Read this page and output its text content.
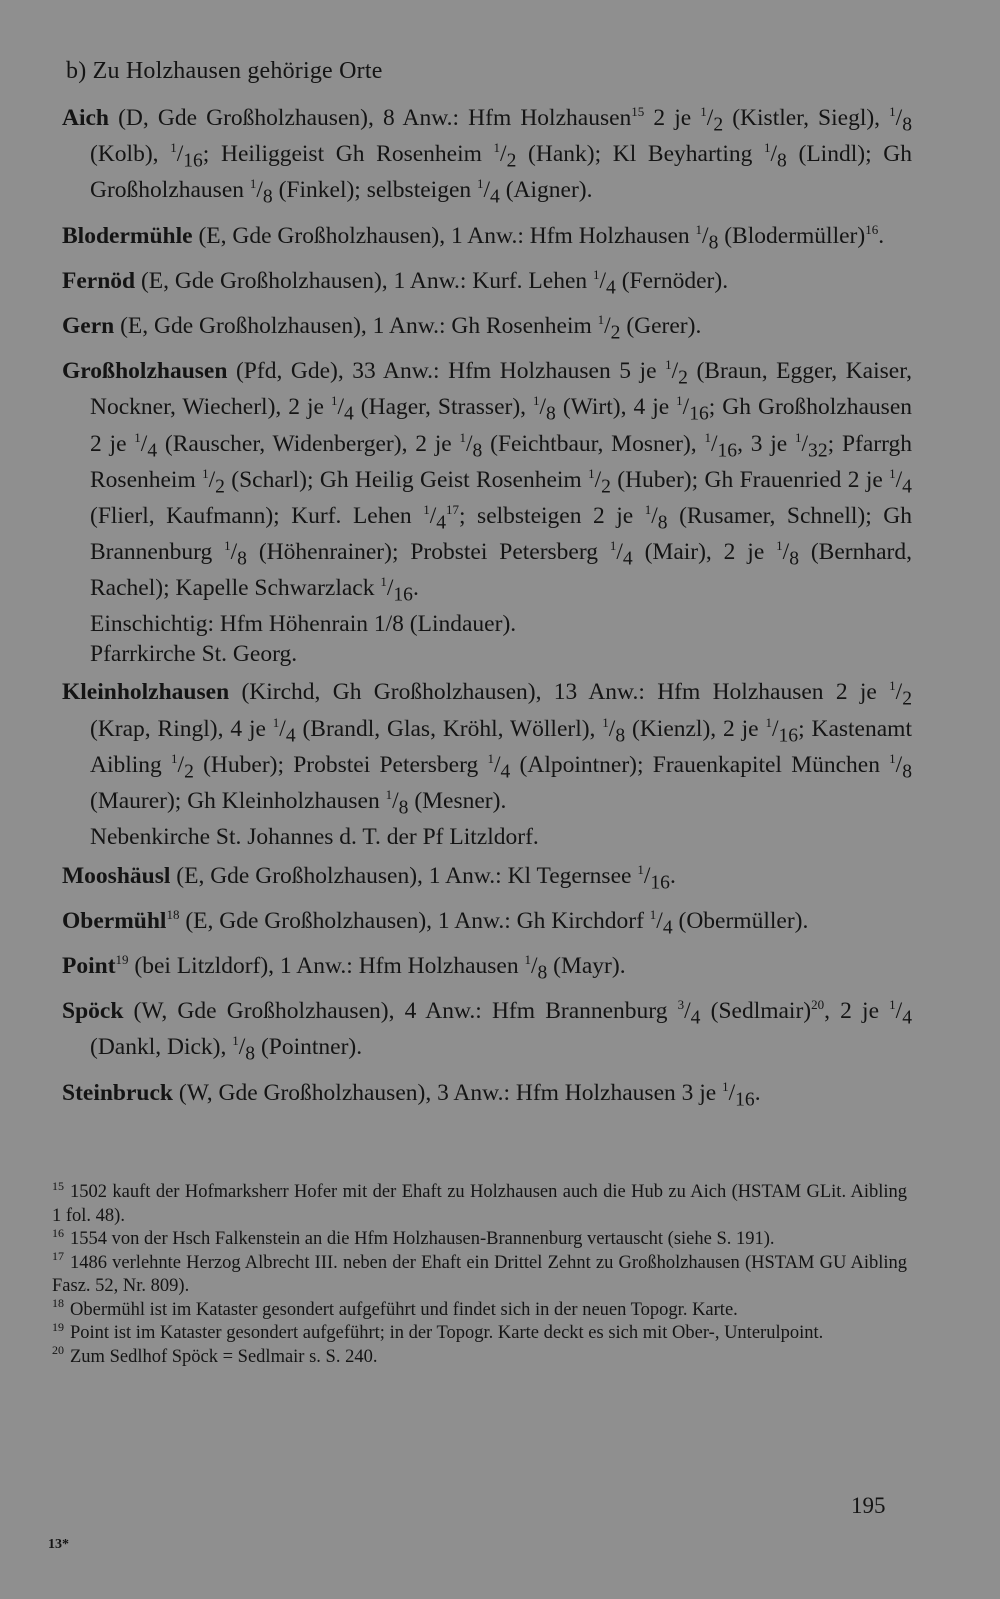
b) Zu Holzhausen gehörige Orte

Aich (D, Gde Großholzhausen), 8 Anw.: Hfm Holzhausen$^{15}$ 2 je $^1/_2$ (Kistler, Siegl), $^1/_8$ (Kolb), $^1/_{16}$; Heiliggeist Gh Rosenheim $^1/_2$ (Hank); Kl Beyharting $^1/_8$ (Lindl); Gh Großholzhausen $^1/_8$ (Finkel); selbsteigen $^1/_4$ (Aigner).

Blodermühle (E, Gde Großholzhausen), 1 Anw.: Hfm Holzhausen $^1/_8$ (Blodermüller)$^{16}$.

Fernöd (E, Gde Großholzhausen), 1 Anw.: Kurf. Lehen $^1/_4$ (Fernöder).

Gern (E, Gde Großholzhausen), 1 Anw.: Gh Rosenheim $^1/_2$ (Gerer).

Großholzhausen (Pfd, Gde), 33 Anw.: Hfm Holzhausen 5 je $^1/_2$ (Braun, Egger, Kaiser, Nockner, Wiecherl), 2 je $^1/_4$ (Hager, Strasser), $^1/_8$ (Wirt), 4 je $^1/_{16}$; Gh Großholzhausen 2 je $^1/_4$ (Rauscher, Widenberger), 2 je $^1/_8$ (Feichtbaur, Mosner), $^1/_{16}$, 3 je $^1/_{32}$; Pfarrgh Rosenheim $^1/_2$ (Scharl); Gh Heilig Geist Rosenheim $^1/_2$ (Huber); Gh Frauenried 2 je $^1/_4$ (Flierl, Kaufmann); Kurf. Lehen $^1/_4^{17}$; selbsteigen 2 je $^1/_8$ (Rusamer, Schnell); Gh Brannenburg $^1/_8$ (Höhenrainer); Probstei Petersberg $^1/_4$ (Mair), 2 je $^1/_8$ (Bernhard, Rachel); Kapelle Schwarzlack $^1/_{16}$.
Einschichtig: Hfm Höhenrain 1/8 (Lindauer).
Pfarrkirche St. Georg.

Kleinholzhausen (Kirchd, Gh Großholzhausen), 13 Anw.: Hfm Holzhausen 2 je $^1/_2$ (Krap, Ringl), 4 je $^1/_4$ (Brandl, Glas, Kröhl, Wöllerl), $^1/_8$ (Kienzl), 2 je $^1/_{16}$; Kastenamt Aibling $^1/_2$ (Huber); Probstei Petersberg $^1/_4$ (Alpointner); Frauenkapitel München $^1/_8$ (Maurer); Gh Kleinholzhausen $^1/_8$ (Mesner).
Nebenkirche St. Johannes d. T. der Pf Litzldorf.

Mooshäusl (E, Gde Großholzhausen), 1 Anw.: Kl Tegernsee $^1/_{16}$.

Obermühl$^{18}$ (E, Gde Großholzhausen), 1 Anw.: Gh Kirchdorf $^1/_4$ (Obermüller).

Point$^{19}$ (bei Litzldorf), 1 Anw.: Hfm Holzhausen $^1/_8$ (Mayr).

Spöck (W, Gde Großholzhausen), 4 Anw.: Hfm Brannenburg $^3/_4$ (Sedlmair)$^{20}$, 2 je $^1/_4$ (Dankl, Dick), $^1/_8$ (Pointner).

Steinbruck (W, Gde Großholzhausen), 3 Anw.: Hfm Holzhausen 3 je $^1/_{16}$.

$^{15}$ 1502 kauft der Hofmarksherr Hofer mit der Ehaft zu Holzhausen auch die Hub zu Aich (HSTAM GLit. Aibling 1 fol. 48).

$^{16}$ 1554 von der Hsch Falkenstein an die Hfm Holzhausen-Brannenburg vertauscht (siehe S. 191).

$^{17}$ 1486 verlehnte Herzog Albrecht III. neben der Ehaft ein Drittel Zehnt zu Großholzhausen (HSTAM GU Aibling Fasz. 52, Nr. 809).

$^{18}$ Obermühl ist im Kataster gesondert aufgeführt und findet sich in der neuen Topogr. Karte.

$^{19}$ Point ist im Kataster gesondert aufgeführt; in der Topogr. Karte deckt es sich mit Ober-, Unterulpoint.

$^{20}$ Zum Sedlhof Spöck = Sedlmair s. S. 240.

195
13*
